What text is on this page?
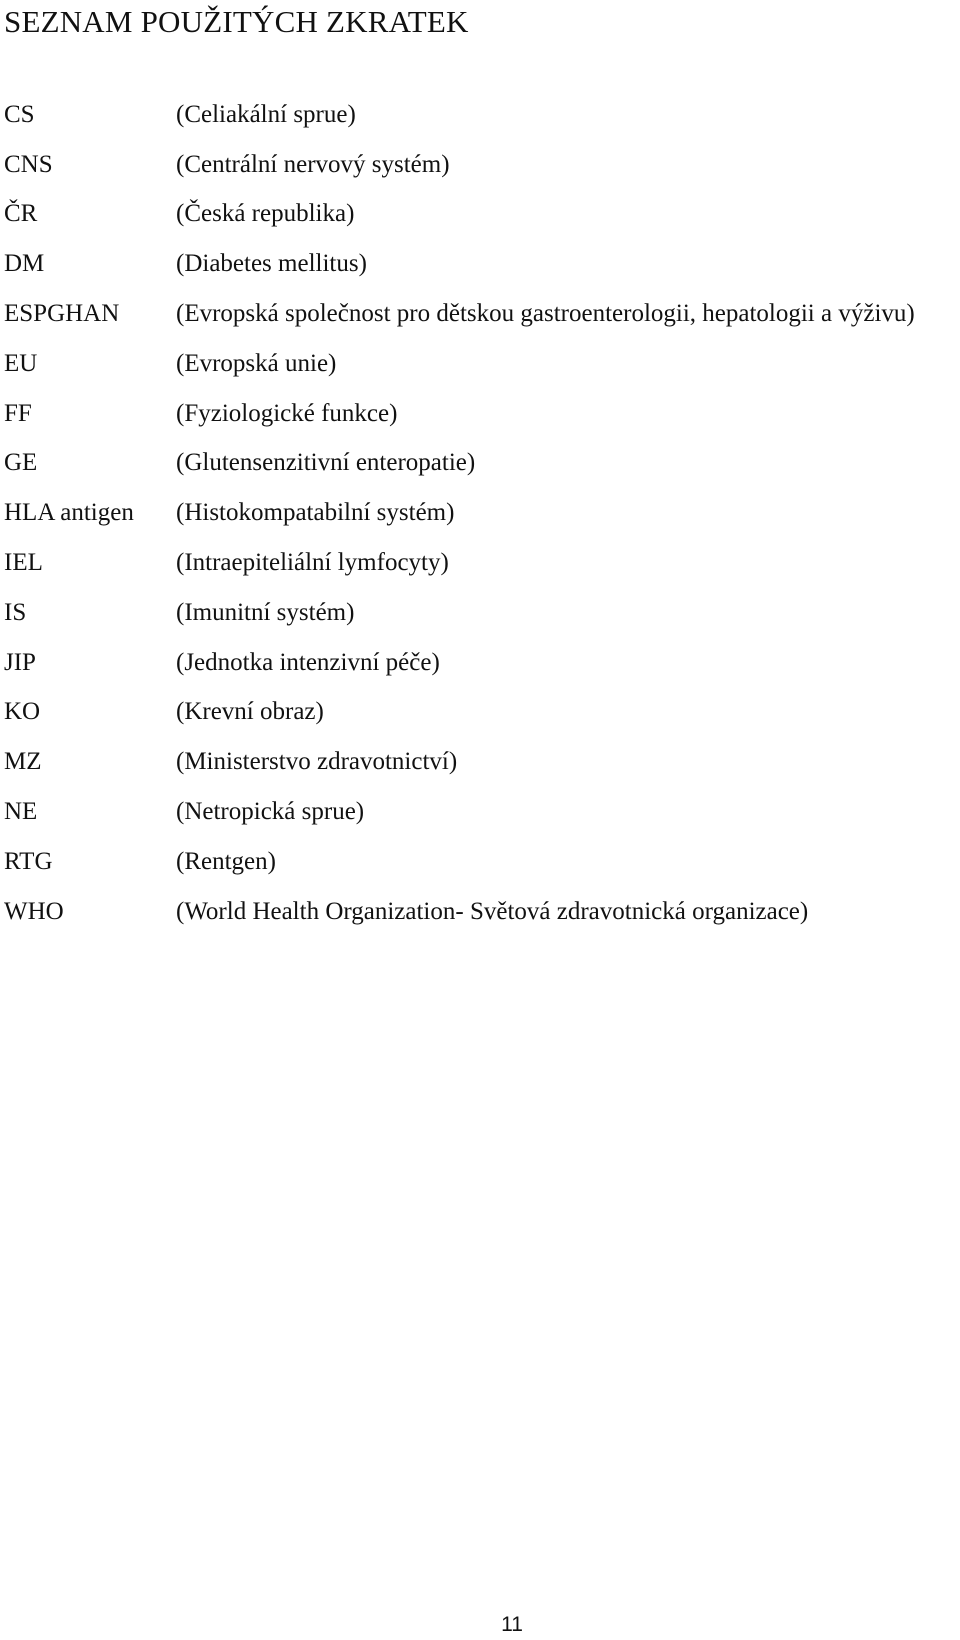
SEZNAM POUŽITÝCH ZKRATEK
CS	(Celiakální sprue)
CNS	(Centrální nervový systém)
ČR	(Česká republika)
DM	(Diabetes mellitus)
ESPGHAN	(Evropská společnost pro dětskou gastroenterologii, hepatologii a výživu)
EU	(Evropská unie)
FF	(Fyziologické funkce)
GE	(Glutensenzitivní enteropatie)
HLA antigen	(Histokompatabilní systém)
IEL	(Intraepiteliální lymfocyty)
IS	(Imunitní systém)
JIP	(Jednotka intenzivní péče)
KO	(Krevní obraz)
MZ	(Ministerstvo zdravotnictví)
NE	(Netropická sprue)
RTG	(Rentgen)
WHO	(World Health Organization- Světová zdravotnická organizace)
11
